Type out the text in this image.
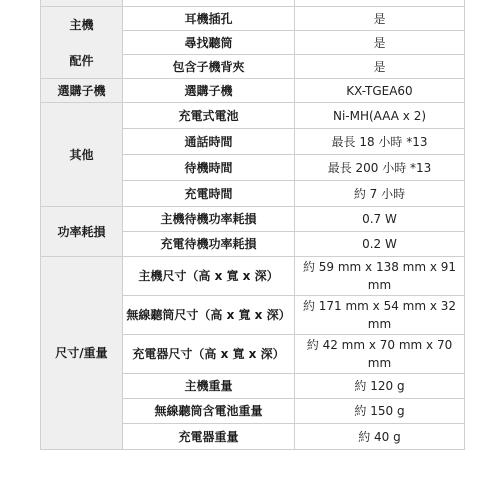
主機

配件	耳機插孔	是
	尋找聽筒	是
	包含子機背夾	是
選購子機	選購子機	KX-TGEA60
其他	充電式電池	Ni-MH(AAA x 2)
	通話時間	最長 18 小時 *13
	待機時間	最長 200 小時 *13
	充電時間	約 7 小時
功率耗損	主機待機功率耗損	0.7 W
	充電待機功率耗損	0.2 W
尺寸/重量	主機尺寸（高 x 寬 x 深）	約 59 mm x 138 mm x 91 mm
	無線聽筒尺寸（高 x 寬 x 深）	約 171 mm x 54 mm x 32 mm
	充電器尺寸（高 x 寬 x 深）	約 42 mm x 70 mm x 70 mm
	主機重量	約 120 g
	無線聽筒含電池重量	約 150 g
	充電器重量	約 40 g
